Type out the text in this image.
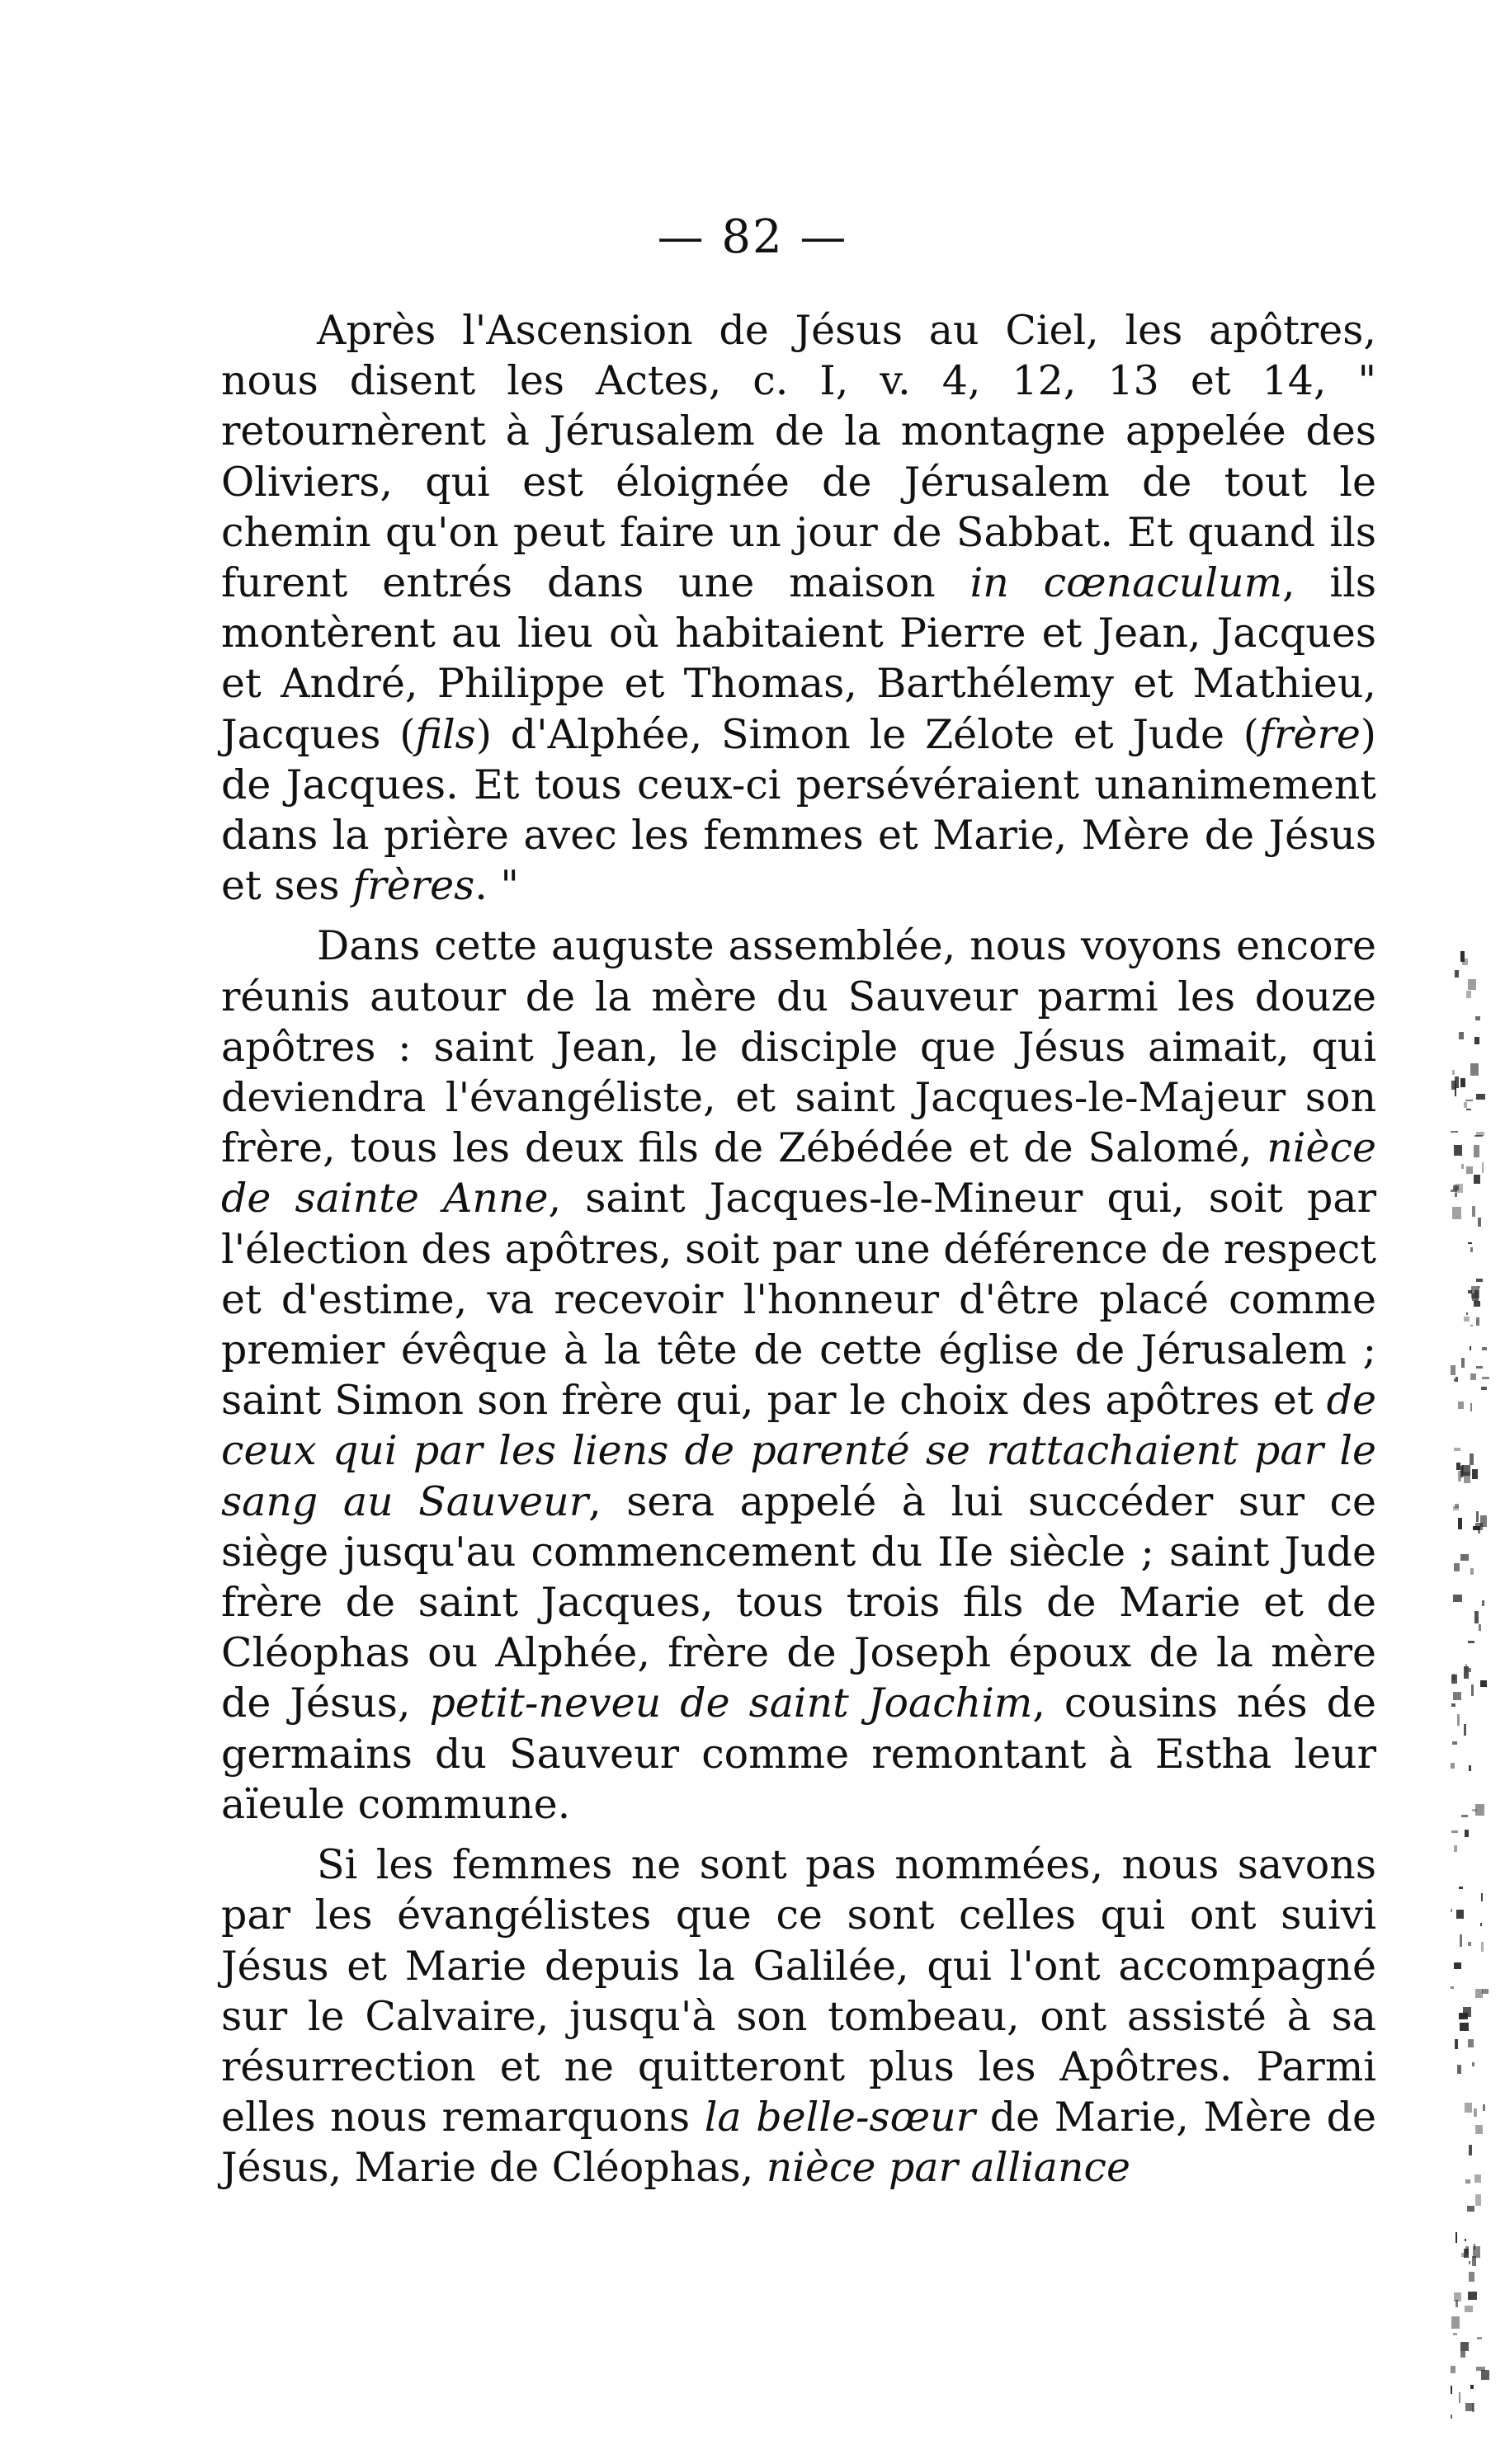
— 82 —

Après l'Ascension de Jésus au Ciel, les apôtres, nous disent les Actes, c. I, v. 4, 12, 13 et 14, " retournèrent à Jérusalem de la montagne appelée des Oliviers, qui est éloignée de Jérusalem de tout le chemin qu'on peut faire un jour de Sabbat. Et quand ils furent entrés dans une maison in cœnaculum, ils montèrent au lieu où habitaient Pierre et Jean, Jacques et André, Philippe et Thomas, Barthélemy et Mathieu, Jacques (fils) d'Alphée, Simon le Zélote et Jude (frère) de Jacques. Et tous ceux-ci persévéraient unanimement dans la prière avec les femmes et Marie, Mère de Jésus et ses frères. "

Dans cette auguste assemblée, nous voyons encore réunis autour de la mère du Sauveur parmi les douze apôtres : saint Jean, le disciple que Jésus aimait, qui deviendra l'évangéliste, et saint Jacques-le-Majeur son frère, tous les deux fils de Zébédée et de Salomé, nièce de sainte Anne, saint Jacques-le-Mineur qui, soit par l'élection des apôtres, soit par une déférence de respect et d'estime, va recevoir l'honneur d'être placé comme premier évêque à la tête de cette église de Jérusalem ; saint Simon son frère qui, par le choix des apôtres et de ceux qui par les liens de parenté se rattachaient par le sang au Sauveur, sera appelé à lui succéder sur ce siège jusqu'au commencement du IIe siècle ; saint Jude frère de saint Jacques, tous trois fils de Marie et de Cléophas ou Alphée, frère de Joseph époux de la mère de Jésus, petit-neveu de saint Joachim, cousins nés de germains du Sauveur comme remontant à Estha leur aïeule commune.

Si les femmes ne sont pas nommées, nous savons par les évangélistes que ce sont celles qui ont suivi Jésus et Marie depuis la Galilée, qui l'ont accompagné sur le Calvaire, jusqu'à son tombeau, ont assisté à sa résurrection et ne quitteront plus les Apôtres. Parmi elles nous remarquons la belle-sœur de Marie, Mère de Jésus, Marie de Cléophas, nièce par alliance
